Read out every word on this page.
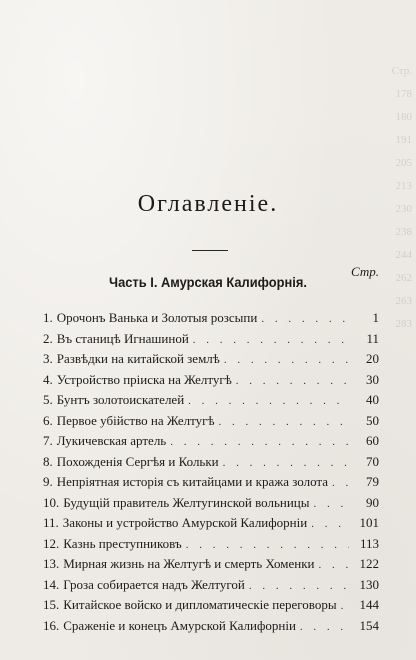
Стр.
178
180
191
205
213
230
238
244
262
263
283
Оглавленіе.
Стр.
Часть I. Амурская Калифорнія.
1. Орочонъ Ванька и Золотыя розсыпи . . .	1
2. Въ станицѣ Игнашиной . . .	11
3. Развѣдки на китайской землѣ . . .	20
4. Устройство пріиска на Желтугѣ . . .	30
5. Бунтъ золотоискателей . . .	40
6. Первое убійство на Желтугѣ . . .	50
7. Лукичевская артель . . .	60
8. Похожденія Сергѣя и Кольки . . .	70
9. Непріятная исторія съ китайцами и кража золота . . .	79
10. Будущій правитель Желтугинской вольницы . . .	90
11. Законы и устройство Амурской Калифорніи . . .	101
12. Казнь преступниковъ . . .	113
13. Мирная жизнь на Желтугѣ и смерть Хоменки . . .	122
14. Гроза собирается надъ Желтугой . . .	130
15. Китайское войско и дипломатическіе переговоры . . .	144
16. Сраженіе и конецъ Амурской Калифорніи . . .	154
